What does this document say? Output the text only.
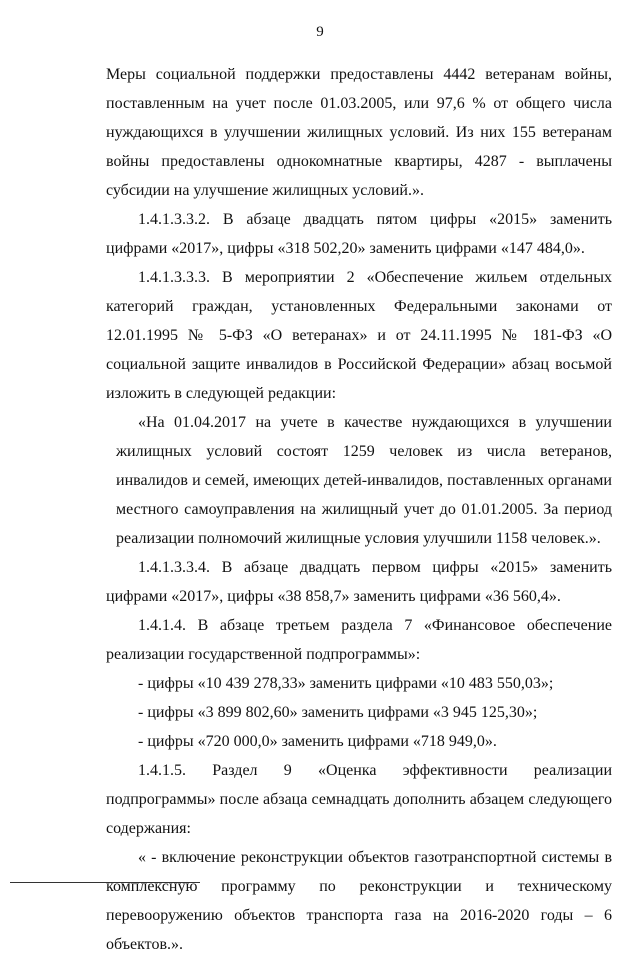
9

Меры социальной поддержки предоставлены 4442 ветеранам войны, поставленным на учет после 01.03.2005, или 97,6 % от общего числа нуждающихся в улучшении жилищных условий. Из них 155 ветеранам войны предоставлены однокомнатные квартиры, 4287 - выплачены субсидии на улучшение жилищных условий.».

1.4.1.3.3.2. В абзаце двадцать пятом цифры «2015» заменить цифрами «2017», цифры «318 502,20» заменить цифрами «147 484,0».

1.4.1.3.3.3. В мероприятии 2 «Обеспечение жильем отдельных категорий граждан, установленных Федеральными законами от 12.01.1995 № 5-ФЗ «О ветеранах» и от 24.11.1995 № 181-ФЗ «О социальной защите инвалидов в Российской Федерации» абзац восьмой изложить в следующей редакции:

«На 01.04.2017 на учете в качестве нуждающихся в улучшении жилищных условий состоят 1259 человек из числа ветеранов, инвалидов и семей, имеющих детей-инвалидов, поставленных органами местного самоуправления на жилищный учет до 01.01.2005. За период реализации полномочий жилищные условия улучшили 1158 человек.».

1.4.1.3.3.4. В абзаце двадцать первом цифры «2015» заменить цифрами «2017», цифры «38 858,7» заменить цифрами «36 560,4».

1.4.1.4. В абзаце третьем раздела 7 «Финансовое обеспечение реализации государственной подпрограммы»:

- цифры «10 439 278,33» заменить цифрами «10 483 550,03»;

- цифры «3 899 802,60» заменить цифрами «3 945 125,30»;

- цифры «720 000,0» заменить цифрами «718 949,0».

1.4.1.5. Раздел 9 «Оценка эффективности реализации подпрограммы» после абзаца семнадцать дополнить абзацем следующего содержания:

« - включение реконструкции объектов газотранспортной системы в комплексную программу по реконструкции и техническому перевооружению объектов транспорта газа на 2016-2020 годы – 6 объектов.».
